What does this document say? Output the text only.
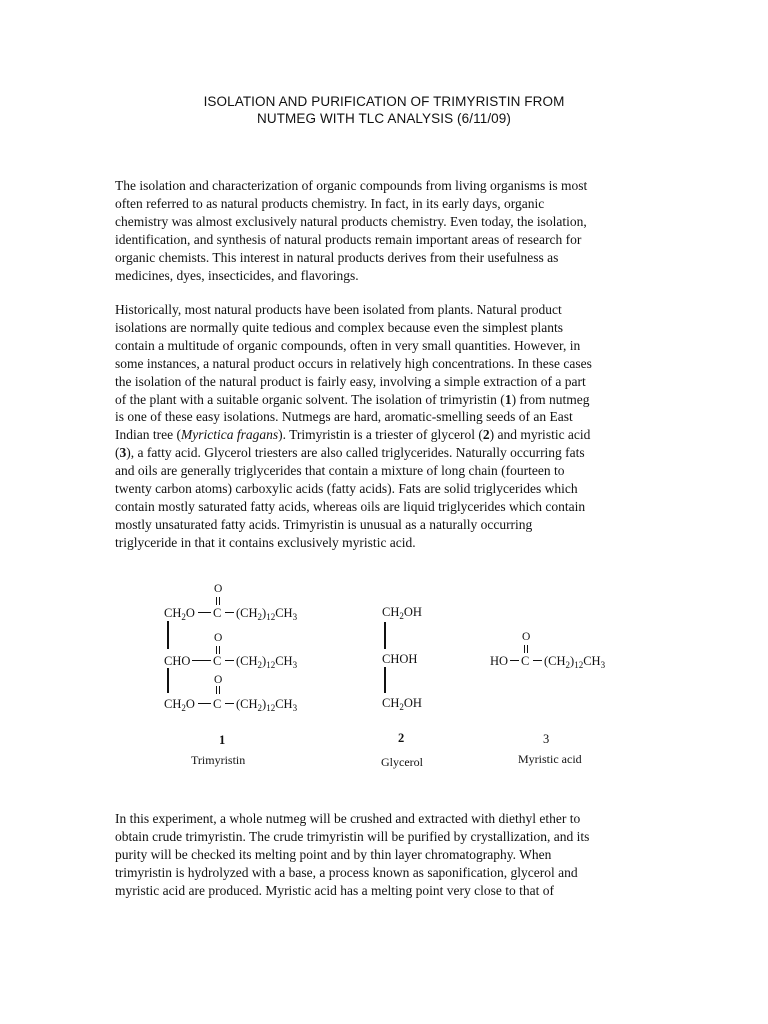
ISOLATION AND PURIFICATION OF TRIMYRISTIN FROM
NUTMEG WITH TLC ANALYSIS (6/11/09)
The isolation and characterization of organic compounds from living organisms is most
often referred to as natural products chemistry. In fact, in its early days, organic
chemistry was almost exclusively natural products chemistry. Even today, the isolation,
identification, and synthesis of natural products remain important areas of research for
organic chemists. This interest in natural products derives from their usefulness as
medicines, dyes, insecticides, and flavorings.
Historically, most natural products have been isolated from plants. Natural product
isolations are normally quite tedious and complex because even the simplest plants
contain a multitude of organic compounds, often in very small quantities. However, in
some instances, a natural product occurs in relatively high concentrations. In these cases
the isolation of the natural product is fairly easy, involving a simple extraction of a part
of the plant with a suitable organic solvent. The isolation of trimyristin (1) from nutmeg
is one of these easy isolations. Nutmegs are hard, aromatic-smelling seeds of an East
Indian tree (Myrictica fragans). Trimyristin is a triester of glycerol (2) and myristic acid
(3), a fatty acid. Glycerol triesters are also called triglycerides. Naturally occurring fats
and oils are generally triglycerides that contain a mixture of long chain (fourteen to
twenty carbon atoms) carboxylic acids (fatty acids). Fats are solid triglycerides which
contain mostly saturated fatty acids, whereas oils are liquid triglycerides which contain
mostly unsaturated fatty acids. Trimyristin is unusual as a naturally occurring
triglyceride in that it contains exclusively myristic acid.
O
O
O
$CH_2O$ C $(CH_2)_{12}CH_3$
CHO C $(CH_2)_{12}CH_3$
$CH_2O$ C $(CH_2)_{12}CH_3$
1
Trimyristin
$CH_2OH$
CHOH
$CH_2OH$
2
Glycerol
O
HO C $(CH_2)_{12}CH_3$
3
Myristic acid
In this experiment, a whole nutmeg will be crushed and extracted with diethyl ether to
obtain crude trimyristin. The crude trimyristin will be purified by crystallization, and its
purity will be checked its melting point and by thin layer chromatography. When
trimyristin is hydrolyzed with a base, a process known as saponification, glycerol and
myristic acid are produced. Myristic acid has a melting point very close to that of
